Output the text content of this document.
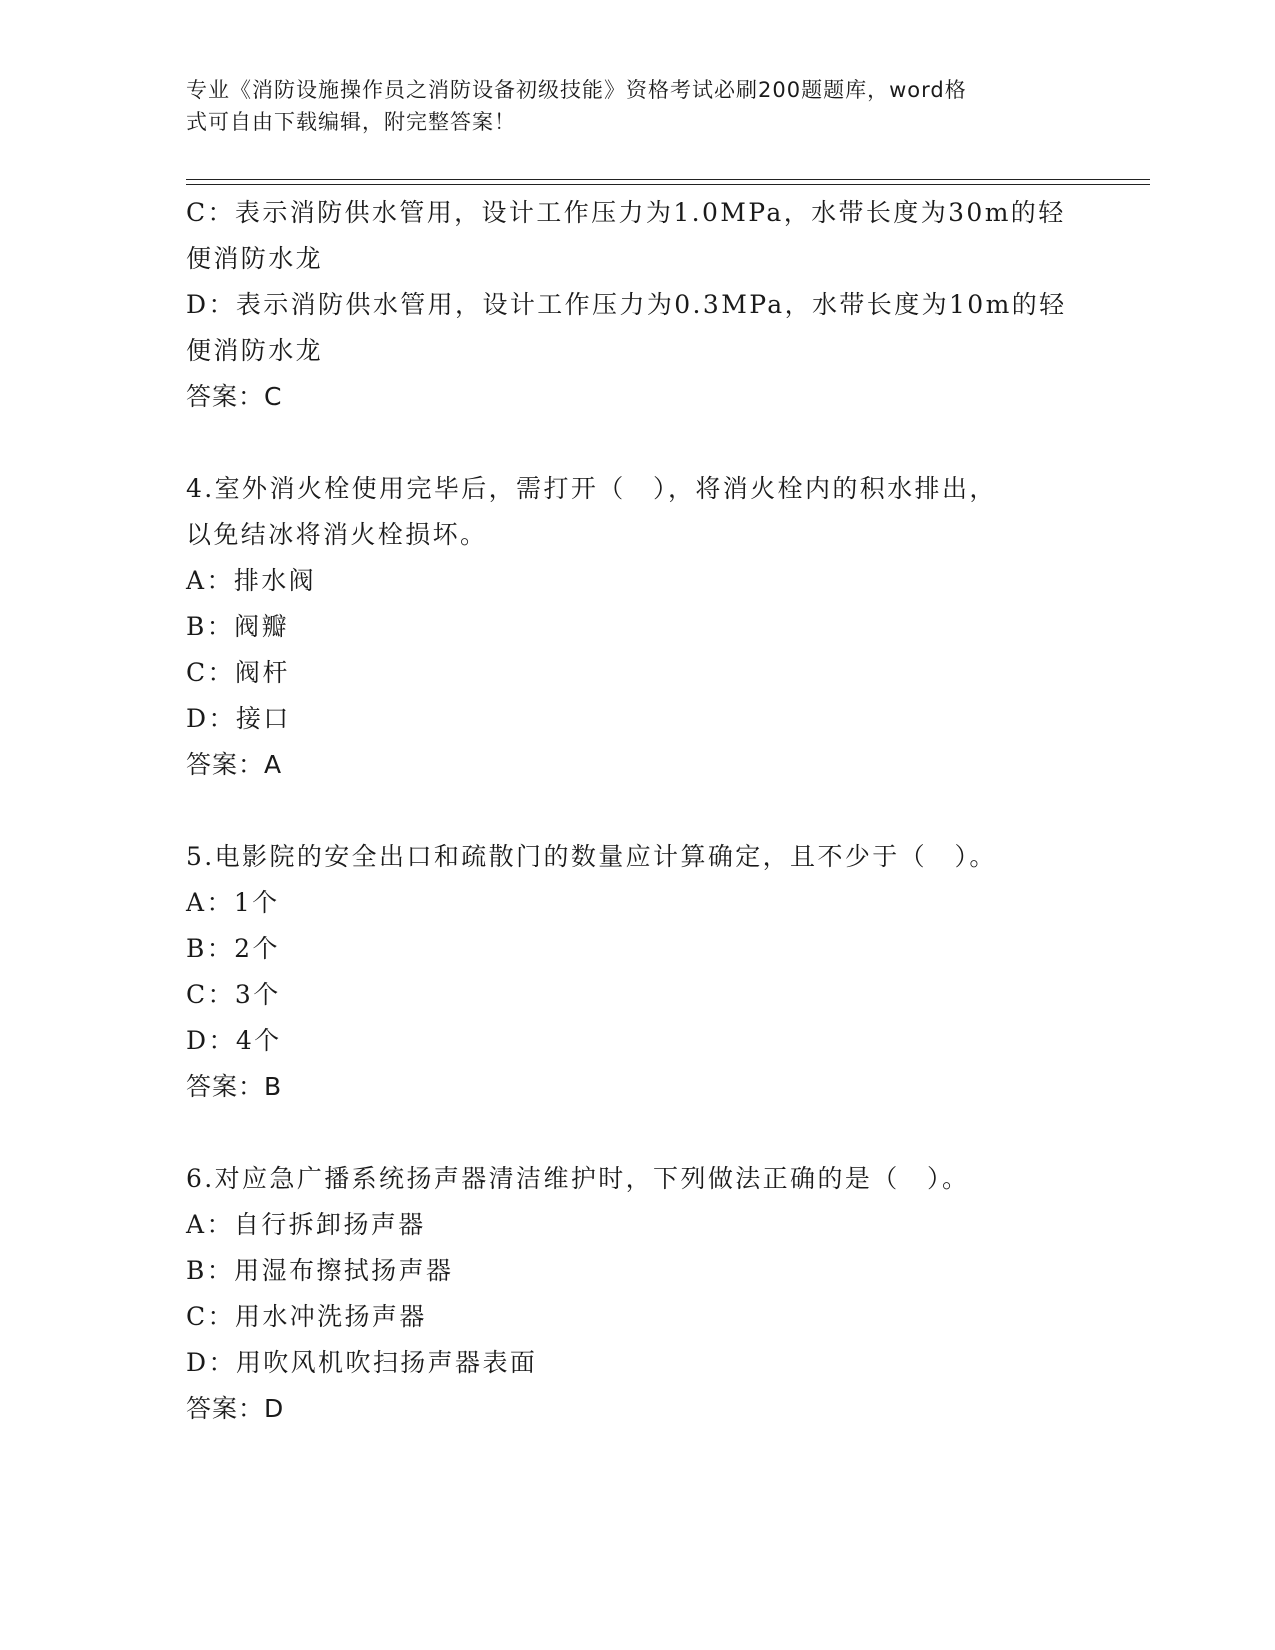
专业《消防设施操作员之消防设备初级技能》资格考试必刷200题题库，word格
式可自由下载编辑，附完整答案！
C：表示消防供水管用，设计工作压力为1.0MPa，水带长度为30m的轻
便消防水龙
D：表示消防供水管用，设计工作压力为0.3MPa，水带长度为10m的轻
便消防水龙
答案：C
4.室外消火栓使用完毕后，需打开（　），将消火栓内的积水排出，
以免结冰将消火栓损坏。
A：排水阀
B：阀瓣
C：阀杆
D：接口
答案：A
5.电影院的安全出口和疏散门的数量应计算确定，且不少于（　）。
A：1个
B：2个
C：3个
D：4个
答案：B
6.对应急广播系统扬声器清洁维护时，下列做法正确的是（　）。
A：自行拆卸扬声器
B：用湿布擦拭扬声器
C：用水冲洗扬声器
D：用吹风机吹扫扬声器表面
答案：D
